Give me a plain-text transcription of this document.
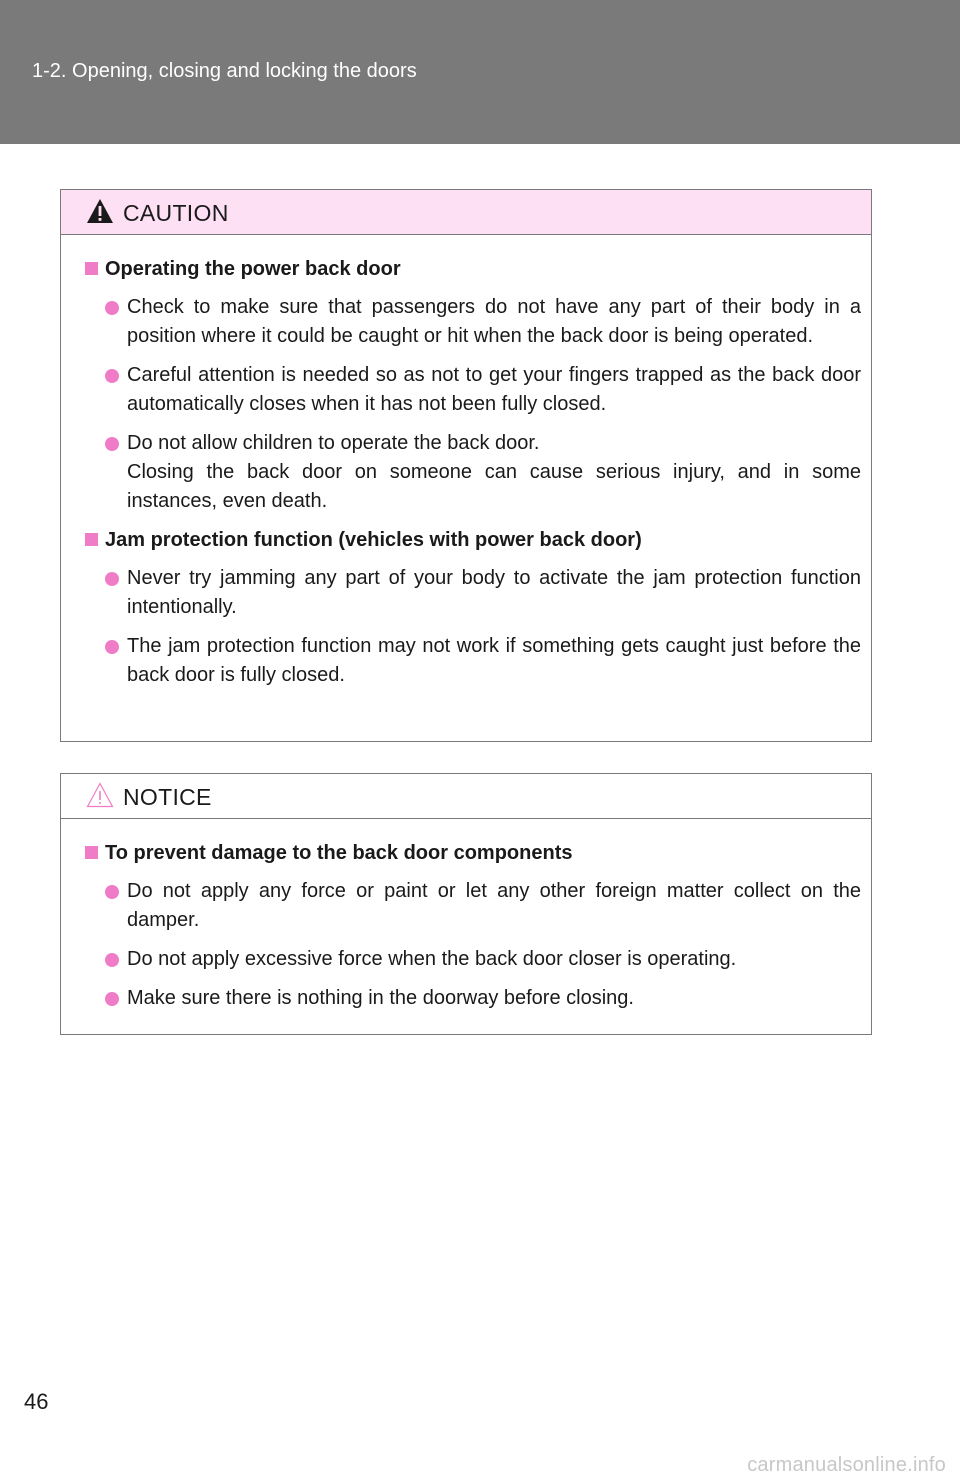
1-2. Opening, closing and locking the doors
CAUTION
Operating the power back door
Check to make sure that passengers do not have any part of their body in a position where it could be caught or hit when the back door is being operated.
Careful attention is needed so as not to get your fingers trapped as the back door automatically closes when it has not been fully closed.
Do not allow children to operate the back door.
Closing the back door on someone can cause serious injury, and in some instances, even death.
Jam protection function (vehicles with power back door)
Never try jamming any part of your body to activate the jam protection function intentionally.
The jam protection function may not work if something gets caught just before the back door is fully closed.
NOTICE
To prevent damage to the back door components
Do not apply any force or paint or let any other foreign matter collect on the damper.
Do not apply excessive force when the back door closer is operating.
Make sure there is nothing in the doorway before closing.
46
carmanualsonline.info
